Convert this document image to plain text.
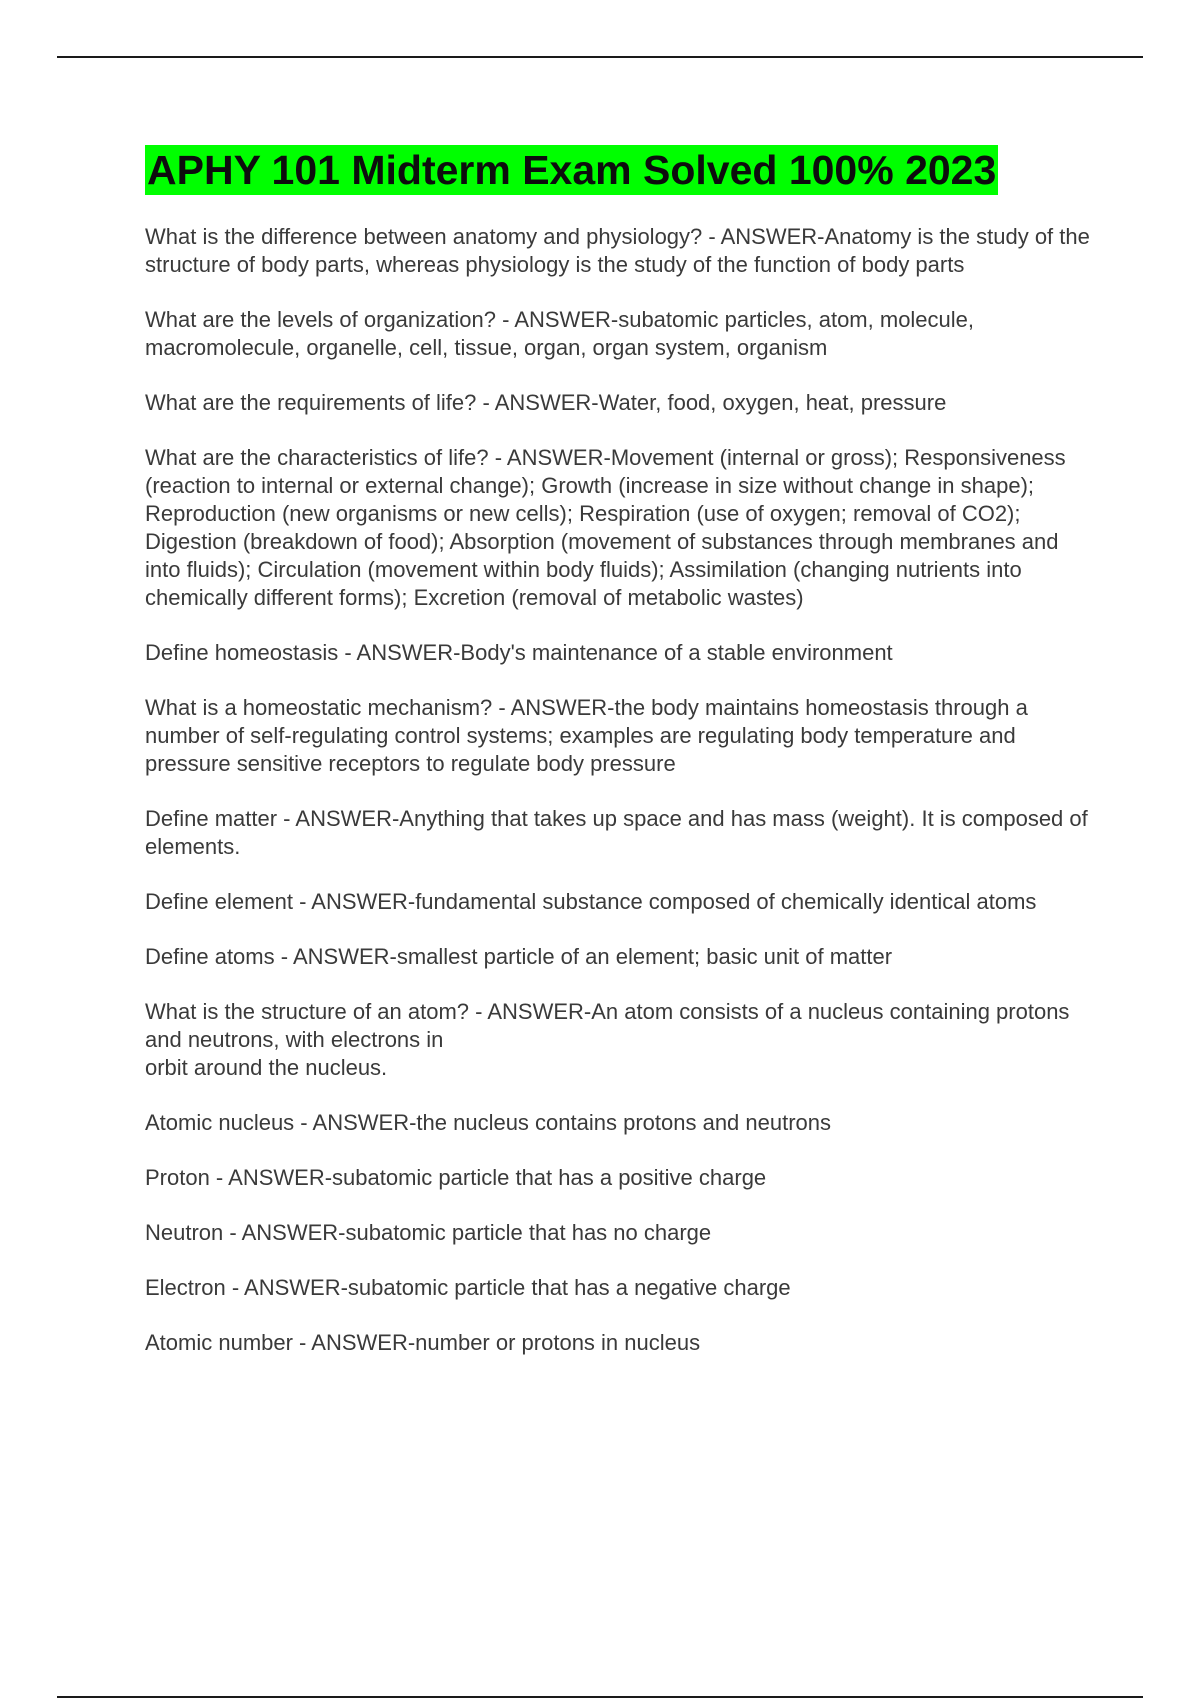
APHY 101 Midterm Exam Solved 100% 2023
What is the difference between anatomy and physiology? - ANSWER-Anatomy is the study of the structure of body parts, whereas physiology is the study of the function of body parts
What are the levels of organization? - ANSWER-subatomic particles, atom, molecule, macromolecule, organelle, cell, tissue, organ, organ system, organism
What are the requirements of life? - ANSWER-Water, food, oxygen, heat, pressure
What are the characteristics of life? - ANSWER-Movement (internal or gross); Responsiveness (reaction to internal or external change); Growth (increase in size without change in shape); Reproduction (new organisms or new cells); Respiration (use of oxygen; removal of CO2); Digestion (breakdown of food); Absorption (movement of substances through membranes and into fluids); Circulation (movement within body fluids); Assimilation (changing nutrients into chemically different forms); Excretion (removal of metabolic wastes)
Define homeostasis - ANSWER-Body's maintenance of a stable environment
What is a homeostatic mechanism? - ANSWER-the body maintains homeostasis through a number of self-regulating control systems; examples are regulating body temperature and pressure sensitive receptors to regulate body pressure
Define matter - ANSWER-Anything that takes up space and has mass (weight). It is composed of elements.
Define element - ANSWER-fundamental substance composed of chemically identical atoms
Define atoms - ANSWER-smallest particle of an element; basic unit of matter
What is the structure of an atom? - ANSWER-An atom consists of a nucleus containing protons and neutrons, with electrons in
orbit around the nucleus.
Atomic nucleus - ANSWER-the nucleus contains protons and neutrons
Proton - ANSWER-subatomic particle that has a positive charge
Neutron - ANSWER-subatomic particle that has no charge
Electron - ANSWER-subatomic particle that has a negative charge
Atomic number - ANSWER-number or protons in nucleus
